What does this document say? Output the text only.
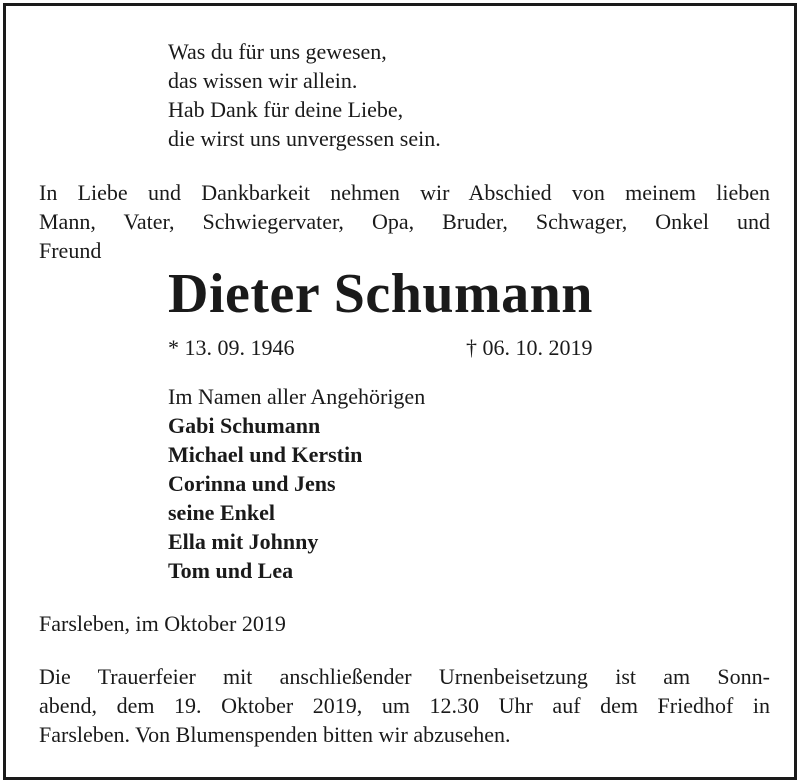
Was du für uns gewesen,
das wissen wir allein.
Hab Dank für deine Liebe,
die wirst uns unvergessen sein.
In Liebe und Dankbarkeit nehmen wir Abschied von meinem lieben
Mann, Vater, Schwiegervater, Opa, Bruder, Schwager, Onkel und
Freund
Dieter Schumann
* 13. 09. 1946	† 06. 10. 2019
Im Namen aller Angehörigen
Gabi Schumann
Michael und Kerstin
Corinna und Jens
seine Enkel
Ella mit Johnny
Tom und Lea
Farsleben, im Oktober 2019
Die Trauerfeier mit anschließender Urnenbeisetzung ist am Sonn-
abend, dem 19. Oktober 2019, um 12.30 Uhr auf dem Friedhof in
Farsleben. Von Blumenspenden bitten wir abzusehen.
